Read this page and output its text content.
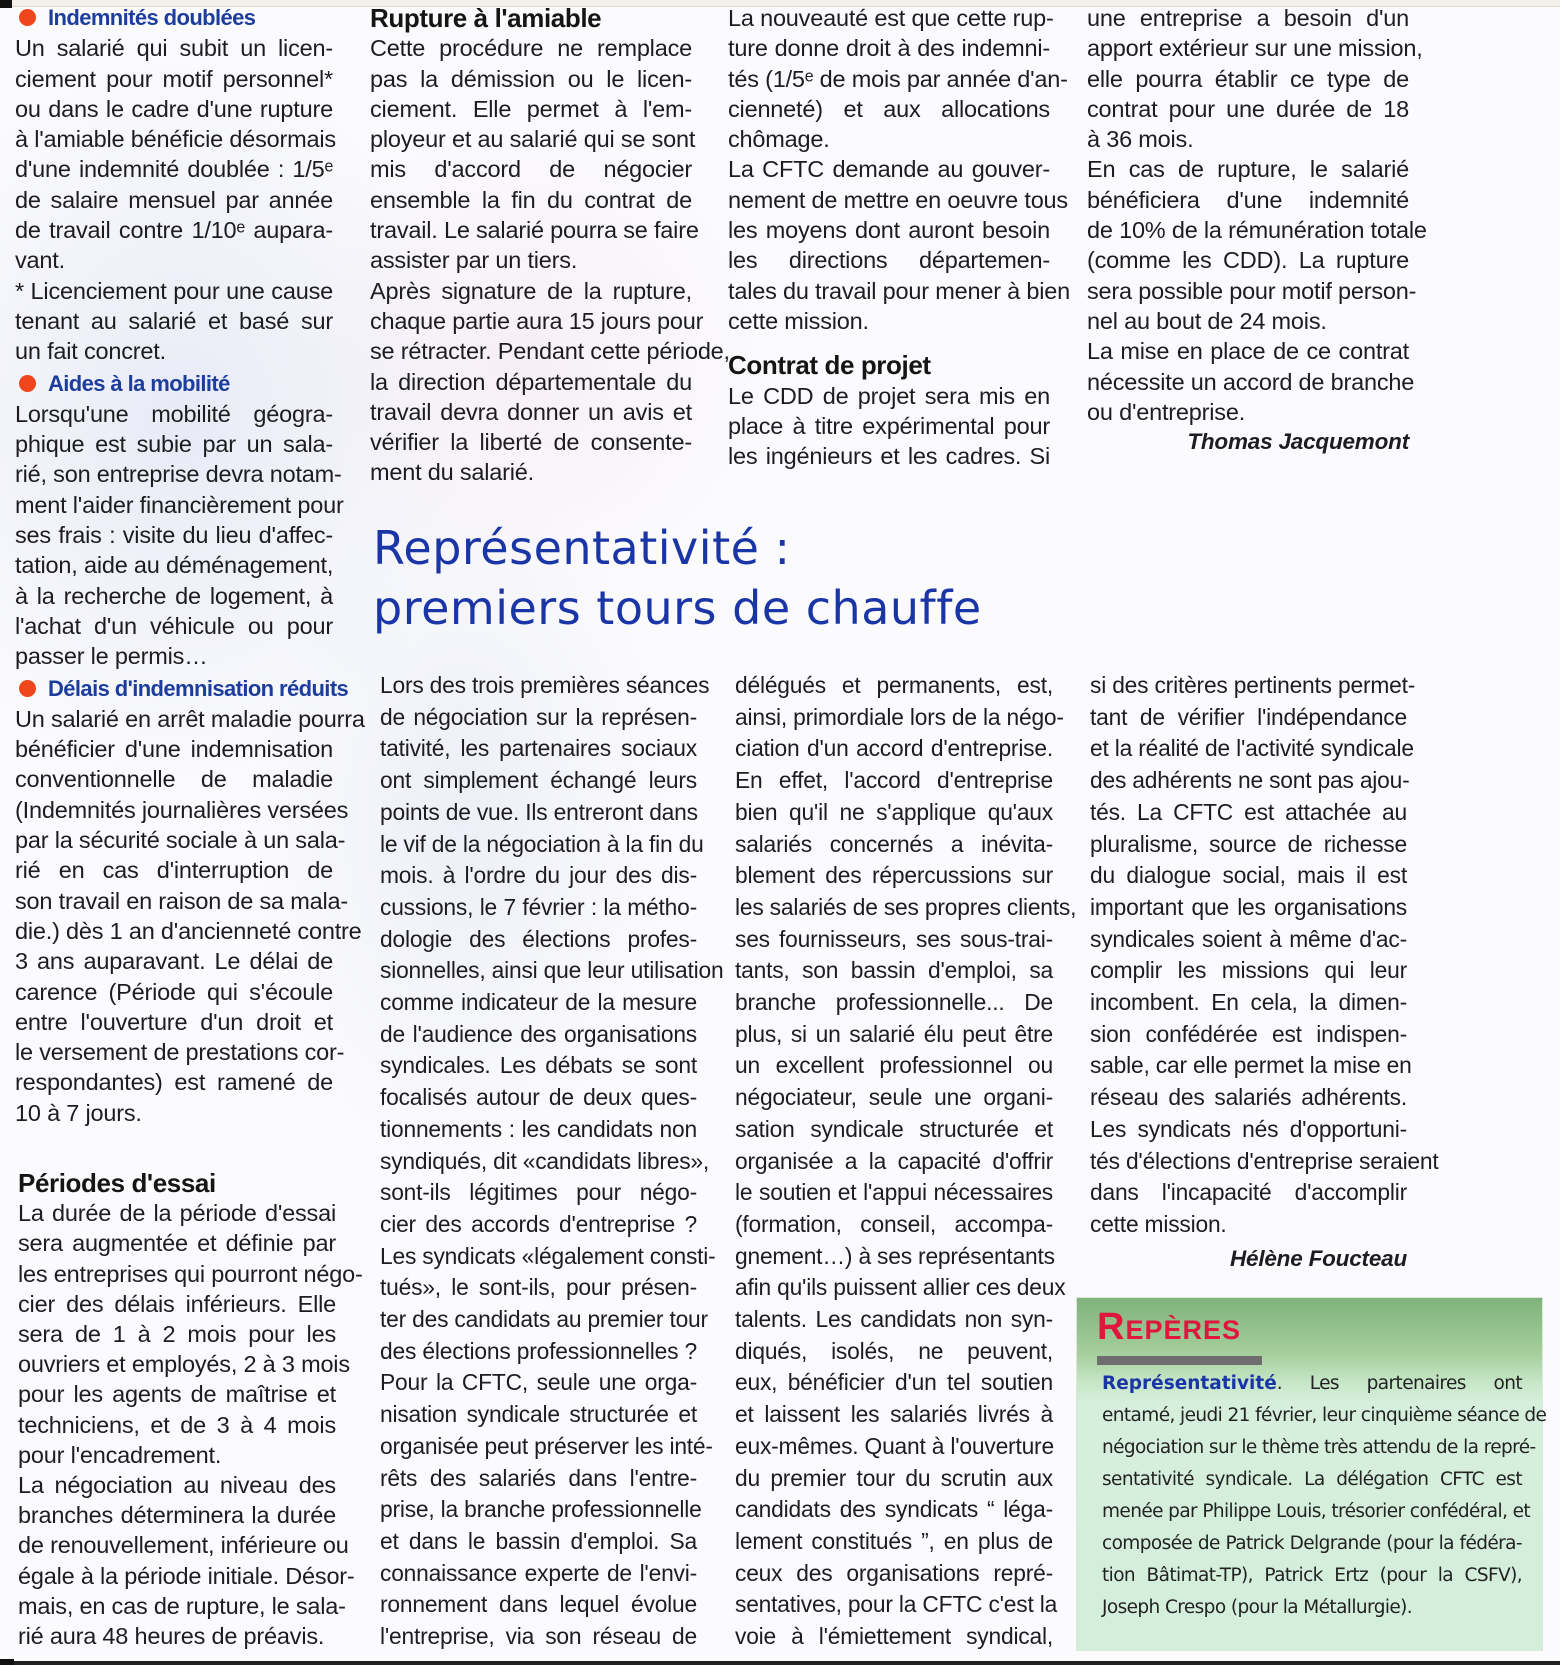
Indemnités doublées
Un salarié qui subit un licen-
ciement pour motif personnel*
ou dans le cadre d'une rupture
à l'amiable bénéficie désormais
d'une indemnité doublée : 1/5ᵉ
de salaire mensuel par année
de travail contre 1/10ᵉ aupara-
vant.
* Licenciement pour une cause
tenant au salarié et basé sur
un fait concret.
Aides à la mobilité
Lorsqu'une mobilité géogra-
phique est subie par un sala-
rié, son entreprise devra notam-
ment l'aider financièrement pour
ses frais : visite du lieu d'affec-
tation, aide au déménagement,
à la recherche de logement, à
l'achat d'un véhicule ou pour
passer le permis…
Délais d'indemnisation réduits
Un salarié en arrêt maladie pourra
bénéficier d'une indemnisation
conventionnelle de maladie
(Indemnités journalières versées
par la sécurité sociale à un sala-
rié en cas d'interruption de
son travail en raison de sa mala-
die.) dès 1 an d'ancienneté contre
3 ans auparavant. Le délai de
carence (Période qui s'écoule
entre l'ouverture d'un droit et
le versement de prestations cor-
respondantes) est ramené de
10 à 7 jours.
Périodes d'essai
La durée de la période d'essai
sera augmentée et définie par
les entreprises qui pourront négo-
cier des délais inférieurs. Elle
sera de 1 à 2 mois pour les
ouvriers et employés, 2 à 3 mois
pour les agents de maîtrise et
techniciens, et de 3 à 4 mois
pour l'encadrement.
La négociation au niveau des
branches déterminera la durée
de renouvellement, inférieure ou
égale à la période initiale. Désor-
mais, en cas de rupture, le sala-
rié aura 48 heures de préavis.
Rupture à l'amiable
Cette procédure ne remplace
pas la démission ou le licen-
ciement. Elle permet à l'em-
ployeur et au salarié qui se sont
mis d'accord de négocier
ensemble la fin du contrat de
travail. Le salarié pourra se faire
assister par un tiers.
Après signature de la rupture,
chaque partie aura 15 jours pour
se rétracter. Pendant cette période,
la direction départementale du
travail devra donner un avis et
vérifier la liberté de consente-
ment du salarié.
La nouveauté est que cette rup-
ture donne droit à des indemni-
tés (1/5ᵉ de mois par année d'an-
cienneté) et aux allocations
chômage.
La CFTC demande au gouver-
nement de mettre en oeuvre tous
les moyens dont auront besoin
les directions départemen-
tales du travail pour mener à bien
cette mission.
Contrat de projet
Le CDD de projet sera mis en
place à titre expérimental pour
les ingénieurs et les cadres. Si
une entreprise a besoin d'un
apport extérieur sur une mission,
elle pourra établir ce type de
contrat pour une durée de 18
à 36 mois.
En cas de rupture, le salarié
bénéficiera d'une indemnité
de 10% de la rémunération totale
(comme les CDD). La rupture
sera possible pour motif person-
nel au bout de 24 mois.
La mise en place de ce contrat
nécessite un accord de branche
ou d'entreprise.
Thomas Jacquemont
Représentativité :
premiers tours de chauffe
Lors des trois premières séances
de négociation sur la représen-
tativité, les partenaires sociaux
ont simplement échangé leurs
points de vue. Ils entreront dans
le vif de la négociation à la fin du
mois. à l'ordre du jour des dis-
cussions, le 7 février : la métho-
dologie des élections profes-
sionnelles, ainsi que leur utilisation
comme indicateur de la mesure
de l'audience des organisations
syndicales. Les débats se sont
focalisés autour de deux ques-
tionnements : les candidats non
syndiqués, dit «candidats libres»,
sont-ils légitimes pour négo-
cier des accords d'entreprise ?
Les syndicats «légalement consti-
tués», le sont-ils, pour présen-
ter des candidats au premier tour
des élections professionnelles ?
Pour la CFTC, seule une orga-
nisation syndicale structurée et
organisée peut préserver les inté-
rêts des salariés dans l'entre-
prise, la branche professionnelle
et dans le bassin d'emploi. Sa
connaissance experte de l'envi-
ronnement dans lequel évolue
l'entreprise, via son réseau de
délégués et permanents, est,
ainsi, primordiale lors de la négo-
ciation d'un accord d'entreprise.
En effet, l'accord d'entreprise
bien qu'il ne s'applique qu'aux
salariés concernés a inévita-
blement des répercussions sur
les salariés de ses propres clients,
ses fournisseurs, ses sous-trai-
tants, son bassin d'emploi, sa
branche professionnelle... De
plus, si un salarié élu peut être
un excellent professionnel ou
négociateur, seule une organi-
sation syndicale structurée et
organisée a la capacité d'offrir
le soutien et l'appui nécessaires
(formation, conseil, accompa-
gnement…) à ses représentants
afin qu'ils puissent allier ces deux
talents. Les candidats non syn-
diqués, isolés, ne peuvent,
eux, bénéficier d'un tel soutien
et laissent les salariés livrés à
eux-mêmes. Quant à l'ouverture
du premier tour du scrutin aux
candidats des syndicats “ léga-
lement constitués ”, en plus de
ceux des organisations repré-
sentatives, pour la CFTC c'est la
voie à l'émiettement syndical,
si des critères pertinents permet-
tant de vérifier l'indépendance
et la réalité de l'activité syndicale
des adhérents ne sont pas ajou-
tés. La CFTC est attachée au
pluralisme, source de richesse
du dialogue social, mais il est
important que les organisations
syndicales soient à même d'ac-
complir les missions qui leur
incombent. En cela, la dimen-
sion confédérée est indispen-
sable, car elle permet la mise en
réseau des salariés adhérents.
Les syndicats nés d'opportuni-
tés d'élections d'entreprise seraient
dans l'incapacité d'accomplir
cette mission.
Hélène Foucteau
Repères
Représentativité. Les partenaires ont
entamé, jeudi 21 février, leur cinquième séance de
négociation sur le thème très attendu de la repré-
sentativité syndicale. La délégation CFTC est
menée par Philippe Louis, trésorier confédéral, et
composée de Patrick Delgrande (pour la fédéra-
tion Bâtimat-TP), Patrick Ertz (pour la CSFV),
Joseph Crespo (pour la Métallurgie).
